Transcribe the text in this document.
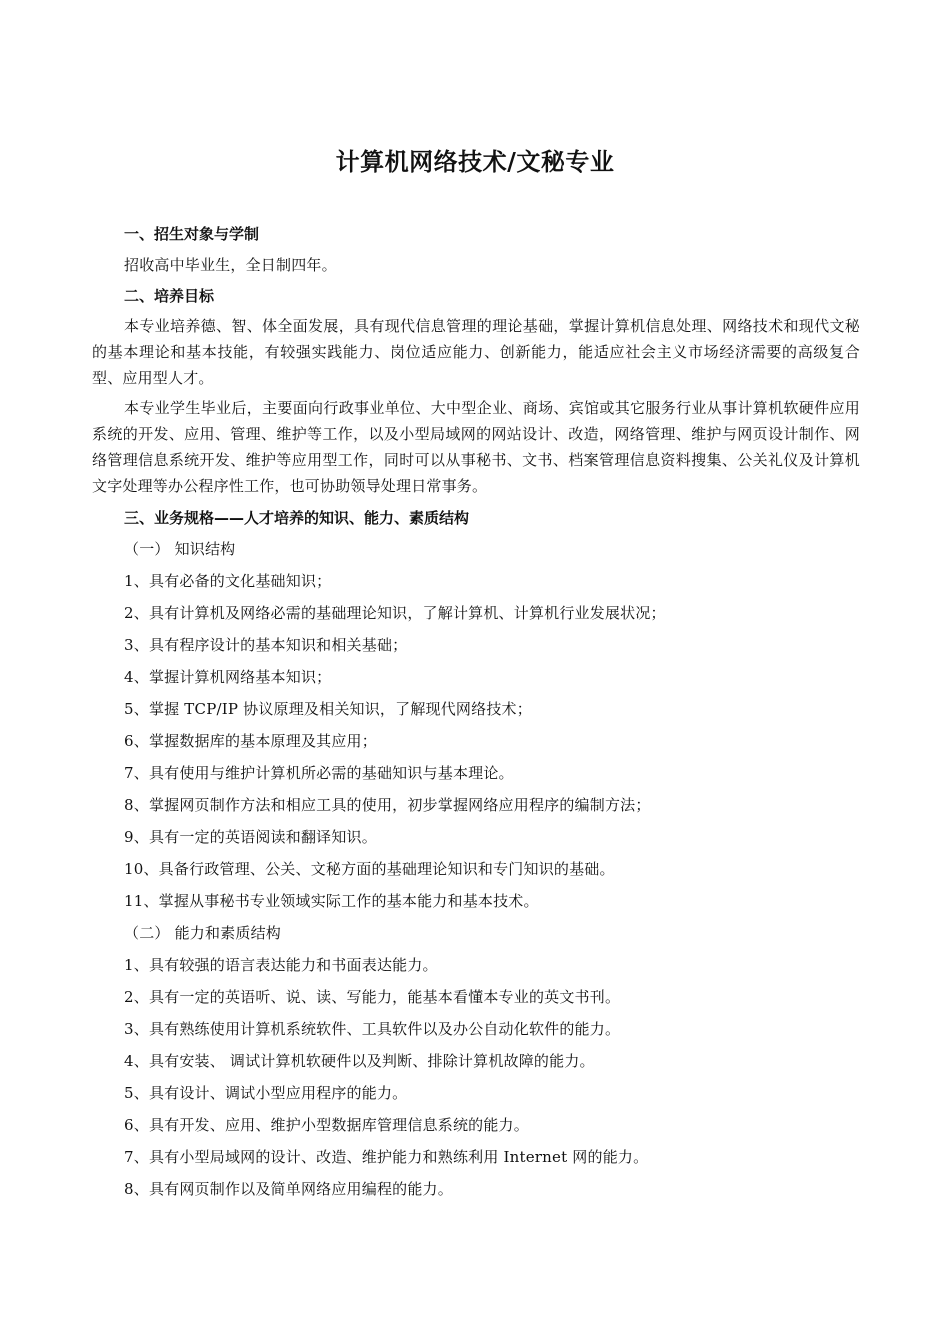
计算机网络技术/文秘专业
一、招生对象与学制
招收高中毕业生，全日制四年。
二、培养目标

本专业培养德、智、体全面发展，具有现代信息管理的理论基础，掌握计算机信息处理、网络技术和现代文秘的基本理论和基本技能，有较强实践能力、岗位适应能力、创新能力，能适应社会主义市场经济需要的高级复合型、应用型人才。

本专业学生毕业后，主要面向行政事业单位、大中型企业、商场、宾馆或其它服务行业从事计算机软硬件应用系统的开发、应用、管理、维护等工作，以及小型局域网的网站设计、改造，网络管理、维护与网页设计制作、网络管理信息系统开发、维护等应用型工作，同时可以从事秘书、文书、档案管理信息资料搜集、公关礼仪及计算机文字处理等办公程序性工作，也可协助领导处理日常事务。

三、业务规格——人才培养的知识、能力、素质结构
（一） 知识结构
1、具有必备的文化基础知识；
2、具有计算机及网络必需的基础理论知识，了解计算机、计算机行业发展状况；
3、具有程序设计的基本知识和相关基础；
4、掌握计算机网络基本知识；
5、掌握 TCP/IP 协议原理及相关知识，了解现代网络技术；
6、掌握数据库的基本原理及其应用；
7、具有使用与维护计算机所必需的基础知识与基本理论。
8、掌握网页制作方法和相应工具的使用，初步掌握网络应用程序的编制方法；
9、具有一定的英语阅读和翻译知识。
10、具备行政管理、公关、文秘方面的基础理论知识和专门知识的基础。
11、掌握从事秘书专业领域实际工作的基本能力和基本技术。
（二） 能力和素质结构
1、具有较强的语言表达能力和书面表达能力。
2、具有一定的英语听、说、读、写能力，能基本看懂本专业的英文书刊。
3、具有熟练使用计算机系统软件、工具软件以及办公自动化软件的能力。
4、具有安装、 调试计算机软硬件以及判断、排除计算机故障的能力。
5、具有设计、调试小型应用程序的能力。
6、具有开发、应用、维护小型数据库管理信息系统的能力。
7、具有小型局域网的设计、改造、维护能力和熟练利用 Internet 网的能力。
8、具有网页制作以及简单网络应用编程的能力。
